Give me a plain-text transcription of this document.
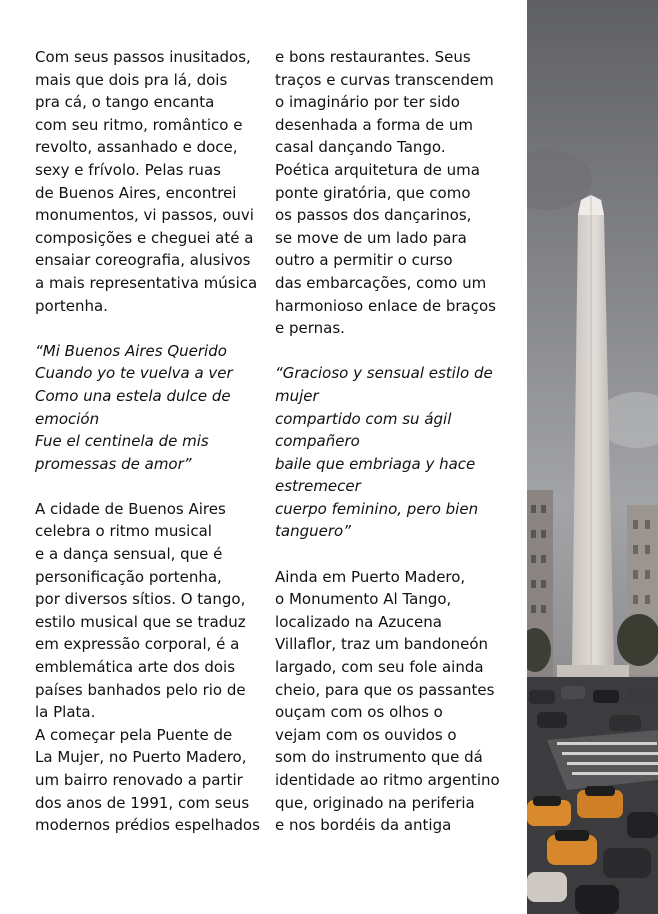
Com seus passos inusitados,
mais que dois pra lá, dois
pra cá, o tango encanta
com seu ritmo, romântico e
revolto, assanhado e doce,
sexy e frívolo. Pelas ruas
de Buenos Aires, encontrei
monumentos, vi passos, ouvi
composições e cheguei até a
ensaiar coreografia, alusivos
a mais representativa música
portenha.
“Mi Buenos Aires Querido
Cuando yo te vuelva a ver
Como una estela dulce de
emoción
Fue el centinela de mis
promessas de amor”
A cidade de Buenos Aires
celebra o ritmo musical
e a dança sensual, que é
personificação portenha,
por diversos sítios. O tango,
estilo musical que se traduz
em expressão corporal, é a
emblemática arte dos dois
países banhados pelo rio de
la Plata.
A começar pela Puente de
La Mujer, no Puerto Madero,
um bairro renovado a partir
dos anos de 1991, com seus
modernos prédios espelhados
e bons restaurantes. Seus
traços e curvas transcendem
o imaginário por ter sido
desenhada a forma de um
casal dançando Tango.
Poética arquitetura de uma
ponte giratória, que como
os passos dos dançarinos,
se move de um lado para
outro a permitir o curso
das embarcações, como um
harmonioso enlace de braços
e pernas.
“Gracioso y sensual estilo de
mujer
compartido com su ágil
compañero
baile que embriaga y hace
estremecer
cuerpo feminino, pero bien
tanguero”
Ainda em Puerto Madero,
o Monumento Al Tango,
localizado na Azucena
Villaflor, traz um bandoneón
largado, com seu fole ainda
cheio, para que os passantes
ouçam com os olhos o
vejam com os ouvidos o
som do instrumento que dá
identidade ao ritmo argentino
que, originado na periferia
e nos bordéis da antiga
